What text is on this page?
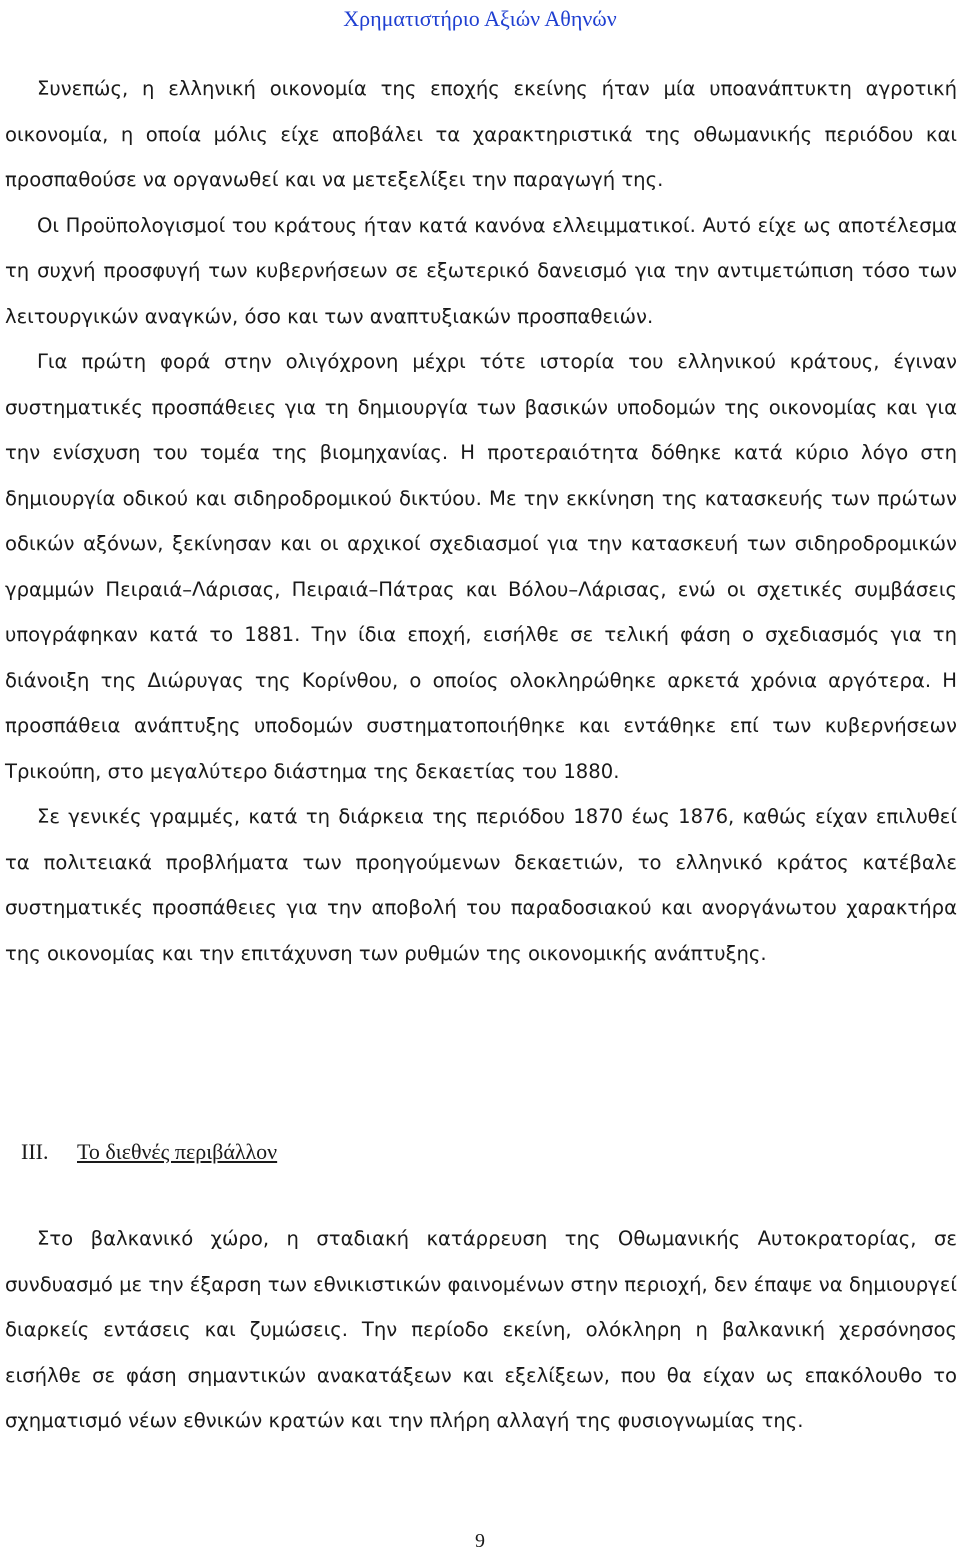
Χρηματιστήριο Αξιών Αθηνών

Συνεπώς, η ελληνική οικονομία της εποχής εκείνης ήταν μία υποανάπτυκτη αγροτική οικονομία, η οποία μόλις είχε αποβάλει τα χαρακτηριστικά της οθωμανικής περιόδου και προσπαθούσε να οργανωθεί και να μετεξελίξει την παραγωγή της.

Οι Προϋπολογισμοί του κράτους ήταν κατά κανόνα ελλειμματικοί. Αυτό είχε ως αποτέλεσμα τη συχνή προσφυγή των κυβερνήσεων σε εξωτερικό δανεισμό για την αντιμετώπιση τόσο των λειτουργικών αναγκών, όσο και των αναπτυξιακών προσπαθειών.

Για πρώτη φορά στην ολιγόχρονη μέχρι τότε ιστορία του ελληνικού κράτους, έγιναν συστηματικές προσπάθειες για τη δημιουργία των βασικών υποδομών της οικονομίας και για την ενίσχυση του τομέα της βιομηχανίας. Η προτεραιότητα δόθηκε κατά κύριο λόγο στη δημιουργία οδικού και σιδηροδρομικού δικτύου. Με την εκκίνηση της κατασκευής των πρώτων οδικών αξόνων, ξεκίνησαν και οι αρχικοί σχεδιασμοί για την κατασκευή των σιδηροδρομικών γραμμών Πειραιά–Λάρισας, Πειραιά–Πάτρας και Βόλου–Λάρισας, ενώ οι σχετικές συμβάσεις υπογράφηκαν κατά το 1881. Την ίδια εποχή, εισήλθε σε τελική φάση ο σχεδιασμός για τη διάνοιξη της Διώρυγας της Κορίνθου, ο οποίος ολοκληρώθηκε αρκετά χρόνια αργότερα. Η προσπάθεια ανάπτυξης υποδομών συστηματοποιήθηκε και εντάθηκε επί των κυβερνήσεων Τρικούπη, στο μεγαλύτερο διάστημα της δεκαετίας του 1880.

Σε γενικές γραμμές, κατά τη διάρκεια της περιόδου 1870 έως 1876, καθώς είχαν επιλυθεί τα πολιτειακά προβλήματα των προηγούμενων δεκαετιών, το ελληνικό κράτος κατέβαλε συστηματικές προσπάθειες για την αποβολή του παραδοσιακού και ανοργάνωτου χαρακτήρα της οικονομίας και την επιτάχυνση των ρυθμών της οικονομικής ανάπτυξης.

III. Το διεθνές περιβάλλον

Στο βαλκανικό χώρο, η σταδιακή κατάρρευση της Οθωμανικής Αυτοκρατορίας, σε συνδυασμό με την έξαρση των εθνικιστικών φαινομένων στην περιοχή, δεν έπαψε να δημιουργεί διαρκείς εντάσεις και ζυμώσεις. Την περίοδο εκείνη, ολόκληρη η βαλκανική χερσόνησος εισήλθε σε φάση σημαντικών ανακατάξεων και εξελίξεων, που θα είχαν ως επακόλουθο το σχηματισμό νέων εθνικών κρατών και την πλήρη αλλαγή της φυσιογνωμίας της.

9
